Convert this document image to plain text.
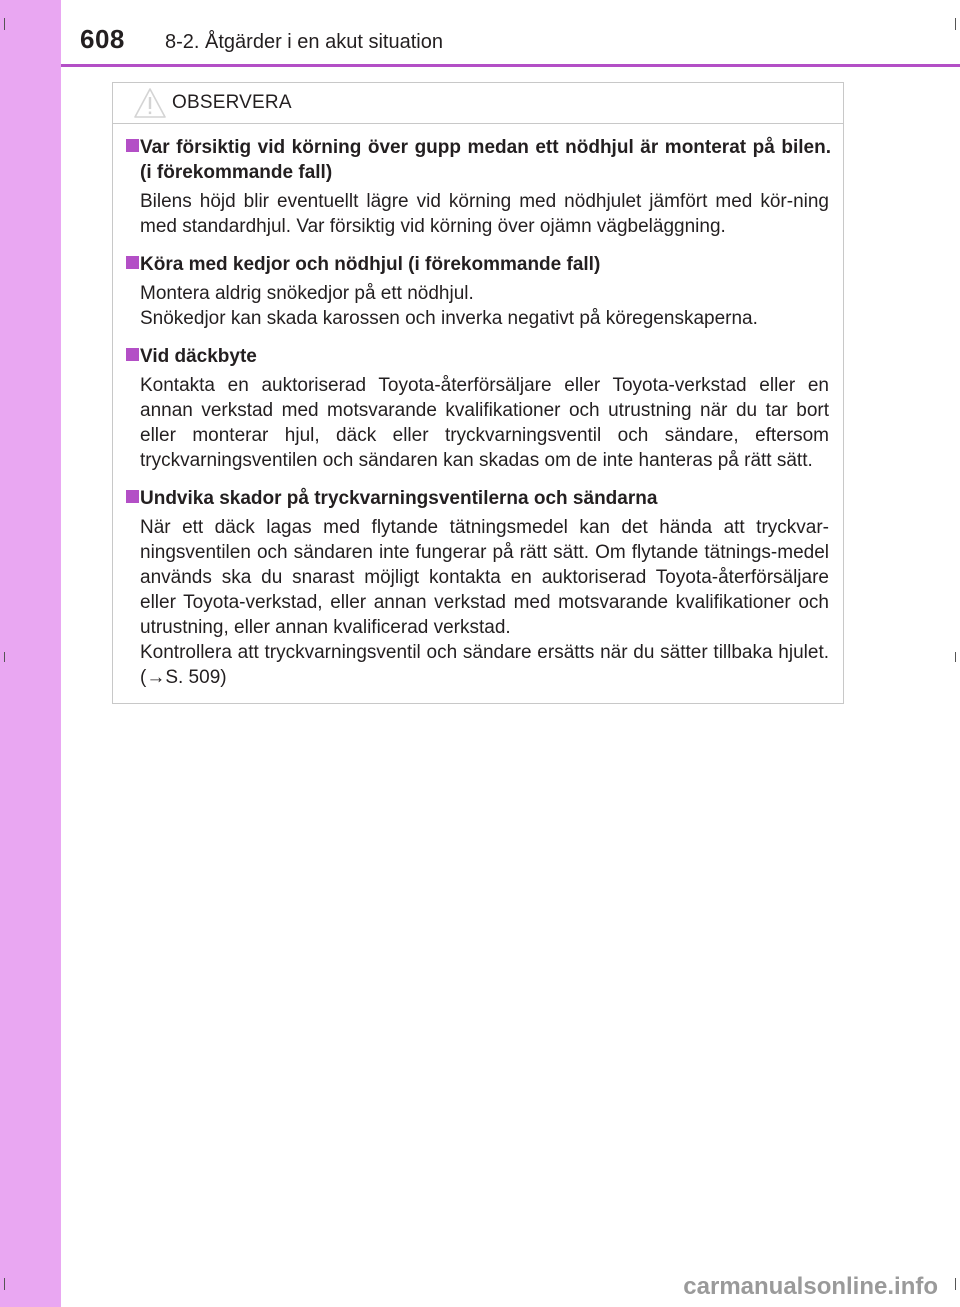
608 8-2. Åtgärder i en akut situation
OBSERVERA
Var försiktig vid körning över gupp medan ett nödhjul är monterat på bilen. (i förekommande fall)

Bilens höjd blir eventuellt lägre vid körning med nödhjulet jämfört med kör-ning med standardhjul. Var försiktig vid körning över ojämn vägbeläggning.

Köra med kedjor och nödhjul (i förekommande fall)

Montera aldrig snökedjor på ett nödhjul.

Snökedjor kan skada karossen och inverka negativt på köregenskaperna.

Vid däckbyte

Kontakta en auktoriserad Toyota-återförsäljare eller Toyota-verkstad eller en annan verkstad med motsvarande kvalifikationer och utrustning när du tar bort eller monterar hjul, däck eller tryckvarningsventil och sändare, eftersom tryckvarningsventilen och sändaren kan skadas om de inte hanteras på rätt sätt.

Undvika skador på tryckvarningsventilerna och sändarna

När ett däck lagas med flytande tätningsmedel kan det hända att tryckvar-ningsventilen och sändaren inte fungerar på rätt sätt. Om flytande tätnings-medel används ska du snarast möjligt kontakta en auktoriserad Toyota-återförsäljare eller Toyota-verkstad, eller annan verkstad med motsvarande kvalifikationer och utrustning, eller annan kvalificerad verkstad.

Kontrollera att tryckvarningsventil och sändare ersätts när du sätter tillbaka hjulet. (→S. 509)

carmanualsonline.info
